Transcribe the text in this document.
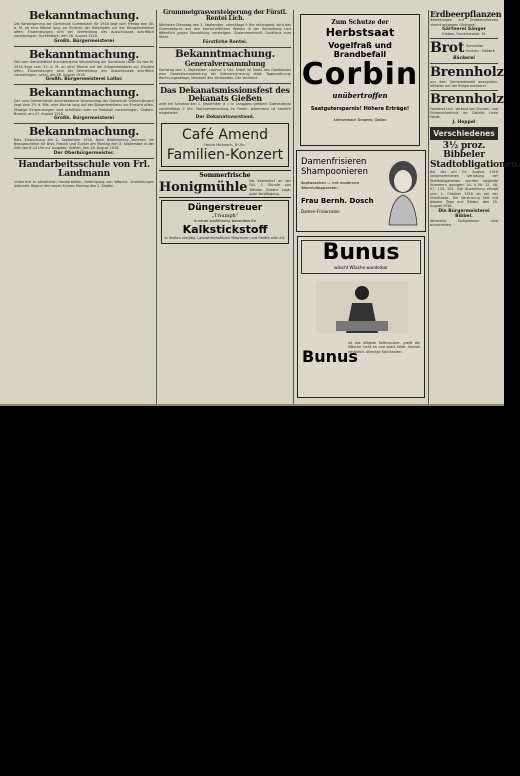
Bekanntmachung.
Die Versteigerung der Gemeinde Gurkenbach für 1918 liegt vom Freitag den 30. d. M. ab eine Woche lang zur Einsicht der Beteiligten auf der Bürgermeisterei offen. Einwendungen sind bei Vermeidung des Ausschlusses schriftlich vorzubringen. Gurkenbach, den 26. August 1918.
Großh. Bürgermeisterei
Bekanntmachung.
Der vom Gemeinderat durchberatene Voranschlag der Gemeinde Lollar für das Rj. 1918 liegt vom 31. d. M. an eine Woche auf der Bürgermeisterei zur Einsicht offen. Einwendungen sind bei Vermeidung des Ausschlusses schriftlich vorzubringen. Lollar, am 28. August 1918.
Großh. Bürgermeisterei Lollar.
Bekanntmachung.
Der vom Gemeinderat durchberatene Voranschlag der Gemeinde Großen-Buseck liegt vom 29. d. Mts. eine Woche lang auf der Bürgermeisterei zur Einsicht offen. Etwaige Einwendungen sind schriftlich oder zu Protokoll vorzubringen. Großen-Buseck, am 27. August 1918.
Großh. Bürgermeisterei
Bekanntmachung.
Betr. Einbuchung am 2. September 1918. Nach Bestimmung kommen die Bezugsscheine für Brot, Fleisch und Zucker am Montag den 2. September in der Zeit von 8–12 Uhr zur Ausgabe. Gießen, den 28. August 1918.
Der Oberbürgermeister.
Handarbeitsschule von Frl. Landmann
Unterricht in sämtlichen Handarbeiten, Anfertigung von Wäsche. Anmeldungen jederzeit. Beginn des neuen Kurses: Montag den 2. Septbr.
Grummetgrasversteigerung der Fürstl. Rentei Lich.
Nächsten Dienstag den 3. September, vormittags 9 Uhr anfangend, wird das Grummetgras aus den herrschaftlichen Wiesen in der Gemarkung Lich öffentlich gegen Barzahlung versteigert. Zusammenkunft: Gasthaus zum Stern.
Fürstliche Rentei.
Bekanntmachung.
Generalversammlung
Samstag den 1. September, nachm. 2 Uhr, findet im Saale des Gasthauses eine Generalversammlung der Viehversicherung statt. Tagesordnung: Rechnungsablage, Neuwahl des Vorstandes. Der Vorstand.
Das Dekanatsmissionsfest des Dekanats Gießen
wird am Sonntag den 1. September d. J. in Langgöns gefeiert. Gottesdienst nachmittags 2 Uhr, Nachversammlung im Freien. Jedermann ist herzlich eingeladen.
Der Dekanatsvorstand.
Café Amend
Heute Mittwoch, 8 Uhr:
Familien-Konzert
Sommerfrische
Honigmühle bei Katzenfurt an der Dill, 1 Stunde von Wetzlar. Schöne Lage, gute Verpflegung.
Düngerstreuer
„Triumph“
in neuer Ausführung, besonders für
Kalkstickstoff
in Gießen vorrätig. Landwirtschaftliche Maschinen und Geräte aller Art.
Zum Schutze der
Herbstsaat
Vogelfraß und Brandbefall
Corbin
unübertroffen
Saatgutersparnis! Höhere Erträge!
Alleinverkauf: Drogerie, Gießen
Damenfrisieren Shampoonieren
Kopfwaschen — mit modernen Warmluftapparaten
Frau Bernh. Dosch
Damen-Frisiersalon
Bunus
wäscht Wäsche wunderbar
Bunus
ist das billigste Seifenpulver, greift die Wäsche nicht an und spart Seife. Überall erhältlich. Alleinige Fabrikanten.
Erdbeerpflanzen
Bestellungen auf Erdbeerpflanzen nimmt entgegen Gärtnerei
Gärtnerei Sänger
Gießen, Frankfurterstr. 91
Brot Schneider · Kuchen · Gebäck
Bäckerei
Brennholz
aus dem Gemeindewald abzugeben. Näheres auf der Bürgermeisterei.
Brennholz
Forstamt Lich. Verkauf von Buchen- und Eichenscheitholz im Distrikt Hohe Hardt.
J. Hoppel
Verschiedenes
3½ proz. Bibbeler Stadtobligationen.
Bei der am 24. August 1918 vorgenommenen Verlosung der Stadtobligationen wurden folgende Nummern gezogen: Lit. A Nr. 12, 48, 97, 133, 201. Die Auszahlung erfolgt vom 1. Oktober 1918 ab bei der Stadtkasse. Die Verzinsung hört mit diesem Tage auf. Bibbel, den 25. August 1918.
Die Bürgermeisterei Bibbel.
Verlorene Obligationen sind anzumelden.
